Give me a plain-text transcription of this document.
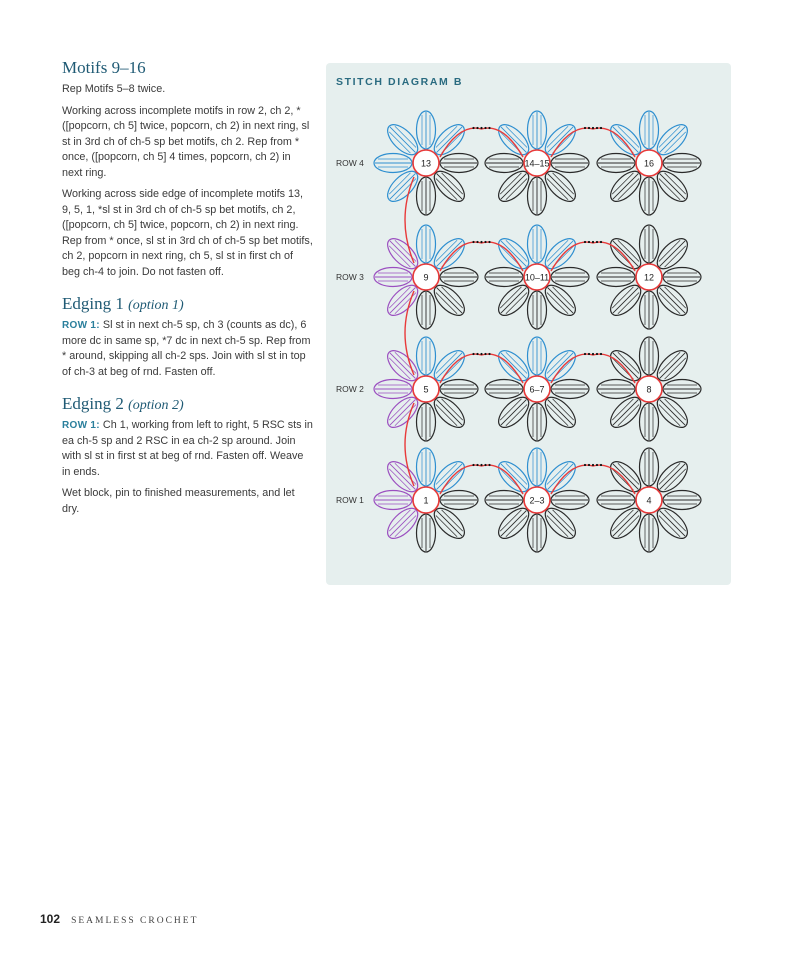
Motifs 9–16

Rep Motifs 5–8 twice.

Working across incomplete motifs in row 2, ch 2, *([popcorn, ch 5] twice, popcorn, ch 2) in next ring, sl st in 3rd ch of ch-5 sp bet motifs, ch 2. Rep from * once, ([popcorn, ch 5] 4 times, popcorn, ch 2) in next ring.

Working across side edge of incomplete motifs 13, 9, 5, 1, *sl st in 3rd ch of ch-5 sp bet motifs, ch 2, ([popcorn, ch 5] twice, popcorn, ch 2) in next ring. Rep from * once, sl st in 3rd ch of ch-5 sp bet motifs, ch 2, popcorn in next ring, ch 5, sl st in first ch of beg ch-4 to join. Do not fasten off.

Edging 1 (option 1)

ROW 1: Sl st in next ch-5 sp, ch 3 (counts as dc), 6 more dc in same sp, *7 dc in next ch-5 sp. Rep from * around, skipping all ch-2 sps. Join with sl st in top of ch-3 at beg of rnd. Fasten off.

Edging 2 (option 2)

ROW 1: Ch 1, working from left to right, 5 RSC sts in ea ch-5 sp and 2 RSC in ea ch-2 sp around. Join with sl st in first st at beg of rnd. Fasten off. Weave in ends.

Wet block, pin to finished measurements, and let dry.

STITCH DIAGRAM B
13	14–15	16
ROW 4
9	10–11	12
ROW 3
5	6–7	8
ROW 2
1	2–3	4
ROW 1
102 SEAMLESS CROCHET
